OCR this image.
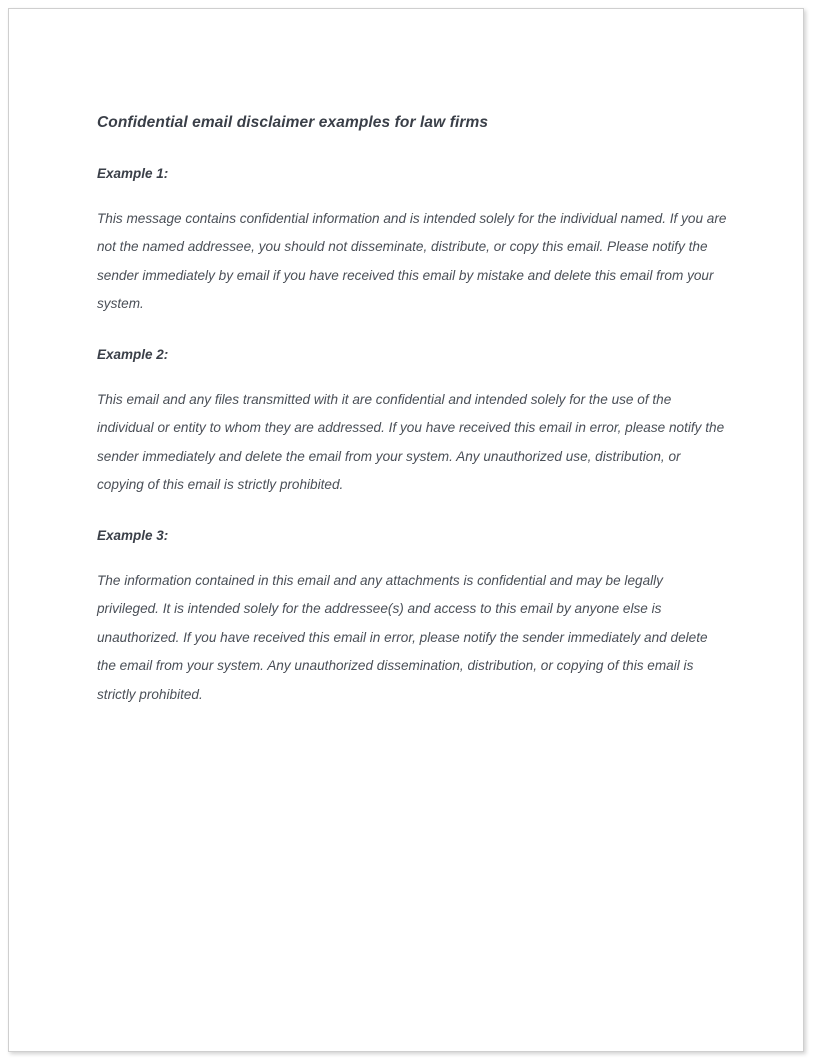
Confidential email disclaimer examples for law firms
Example 1:

This message contains confidential information and is intended solely for the individual named. If you are not the named addressee, you should not disseminate, distribute, or copy this email. Please notify the sender immediately by email if you have received this email by mistake and delete this email from your system.

Example 2:

This email and any files transmitted with it are confidential and intended solely for the use of the individual or entity to whom they are addressed. If you have received this email in error, please notify the sender immediately and delete the email from your system. Any unauthorized use, distribution, or copying of this email is strictly prohibited.

Example 3:

The information contained in this email and any attachments is confidential and may be legally privileged. It is intended solely for the addressee(s) and access to this email by anyone else is unauthorized. If you have received this email in error, please notify the sender immediately and delete the email from your system. Any unauthorized dissemination, distribution, or copying of this email is strictly prohibited.
